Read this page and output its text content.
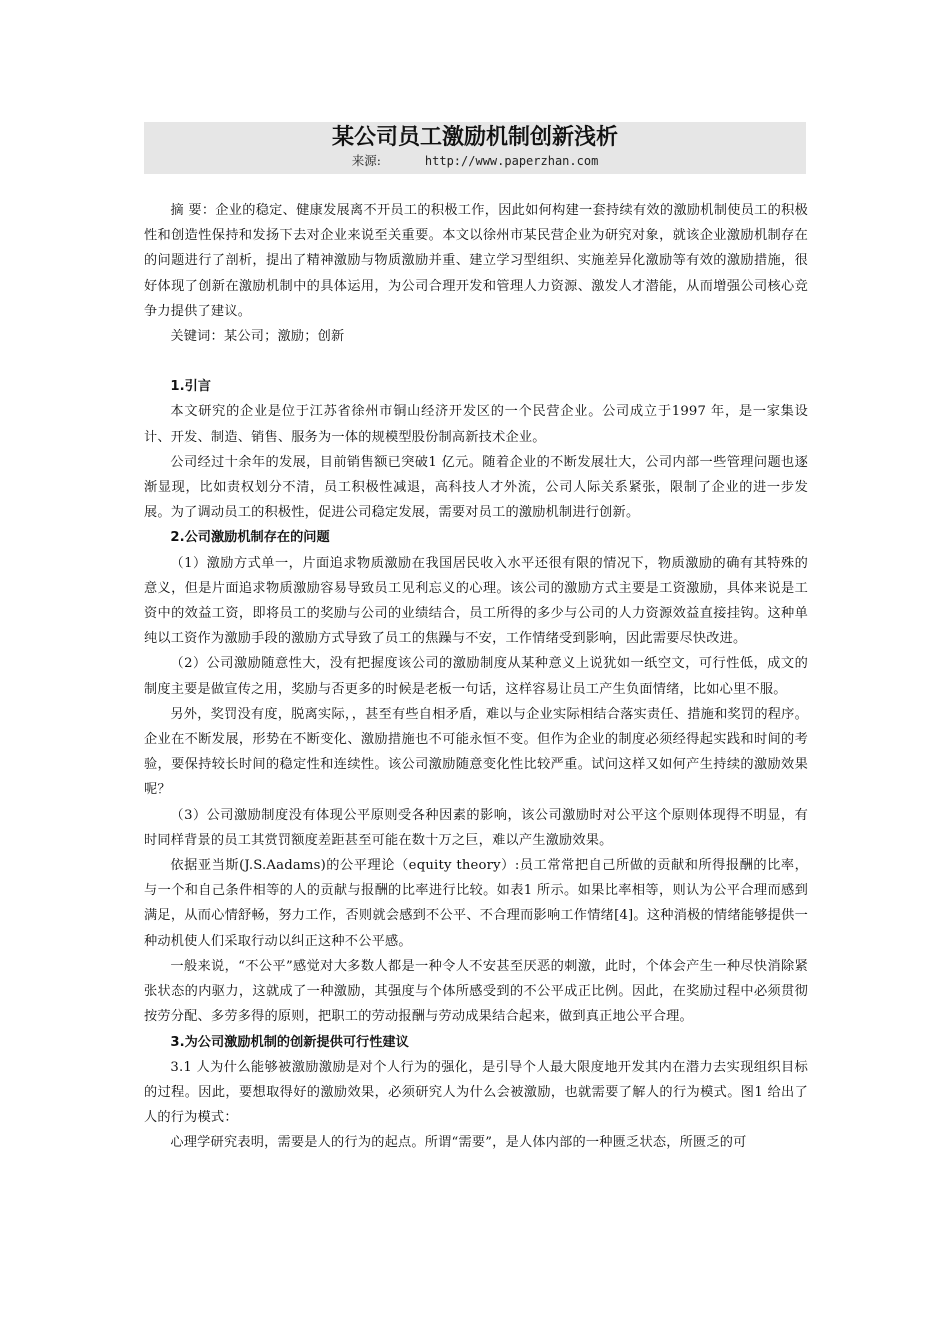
某公司员工激励机制创新浅析
来源:	http://www.paperzhan.com

摘 要：企业的稳定、健康发展离不开员工的积极工作，因此如何构建一套持续有效的激励机制使员工的积极性和创造性保持和发扬下去对企业来说至关重要。本文以徐州市某民营企业为研究对象，就该企业激励机制存在的问题进行了剖析，提出了精神激励与物质激励并重、建立学习型组织、实施差异化激励等有效的激励措施，很好体现了创新在激励机制中的具体运用，为公司合理开发和管理人力资源、激发人才潜能，从而增强公司核心竞争力提供了建议。

关键词：某公司；激励；创新

1.引言

本文研究的企业是位于江苏省徐州市铜山经济开发区的一个民营企业。公司成立于1997 年，是一家集设计、开发、制造、销售、服务为一体的规模型股份制高新技术企业。

公司经过十余年的发展，目前销售额已突破1 亿元。随着企业的不断发展壮大，公司内部一些管理问题也逐渐显现，比如责权划分不清，员工积极性减退，高科技人才外流，公司人际关系紧张，限制了企业的进一步发展。为了调动员工的积极性，促进公司稳定发展，需要对员工的激励机制进行创新。

2.公司激励机制存在的问题

（1）激励方式单一，片面追求物质激励在我国居民收入水平还很有限的情况下，物质激励的确有其特殊的意义，但是片面追求物质激励容易导致员工见利忘义的心理。该公司的激励方式主要是工资激励，具体来说是工资中的效益工资，即将员工的奖励与公司的业绩结合，员工所得的多少与公司的人力资源效益直接挂钩。这种单纯以工资作为激励手段的激励方式导致了员工的焦躁与不安，工作情绪受到影响，因此需要尽快改进。

（2）公司激励随意性大，没有把握度该公司的激励制度从某种意义上说犹如一纸空文，可行性低，成文的制度主要是做宣传之用，奖励与否更多的时候是老板一句话，这样容易让员工产生负面情绪，比如心里不服。

另外，奖罚没有度，脱离实际，，甚至有些自相矛盾，难以与企业实际相结合落实责任、措施和奖罚的程序。企业在不断发展，形势在不断变化、激励措施也不可能永恒不变。但作为企业的制度必须经得起实践和时间的考验，要保持较长时间的稳定性和连续性。该公司激励随意变化性比较严重。试问这样又如何产生持续的激励效果呢？

（3）公司激励制度没有体现公平原则受各种因素的影响，该公司激励时对公平这个原则体现得不明显，有时同样背景的员工其赏罚额度差距甚至可能在数十万之巨，难以产生激励效果。

依据亚当斯(J.S.Aadams)的公平理论（equity theory）:员工常常把自己所做的贡献和所得报酬的比率，与一个和自己条件相等的人的贡献与报酬的比率进行比较。如表1 所示。如果比率相等，则认为公平合理而感到满足，从而心情舒畅，努力工作，否则就会感到不公平、不合理而影响工作情绪[4]。这种消极的情绪能够提供一种动机使人们采取行动以纠正这种不公平感。

一般来说，“不公平”感觉对大多数人都是一种令人不安甚至厌恶的刺激，此时，个体会产生一种尽快消除紧张状态的内驱力，这就成了一种激励，其强度与个体所感受到的不公平成正比例。因此，在奖励过程中必须贯彻按劳分配、多劳多得的原则，把职工的劳动报酬与劳动成果结合起来，做到真正地公平合理。

3.为公司激励机制的创新提供可行性建议

3.1 人为什么能够被激励激励是对个人行为的强化，是引导个人最大限度地开发其内在潜力去实现组织目标的过程。因此，要想取得好的激励效果，必须研究人为什么会被激励，也就需要了解人的行为模式。图1 给出了人的行为模式：

心理学研究表明，需要是人的行为的起点。所谓“需要”，是人体内部的一种匮乏状态，所匮乏的可
